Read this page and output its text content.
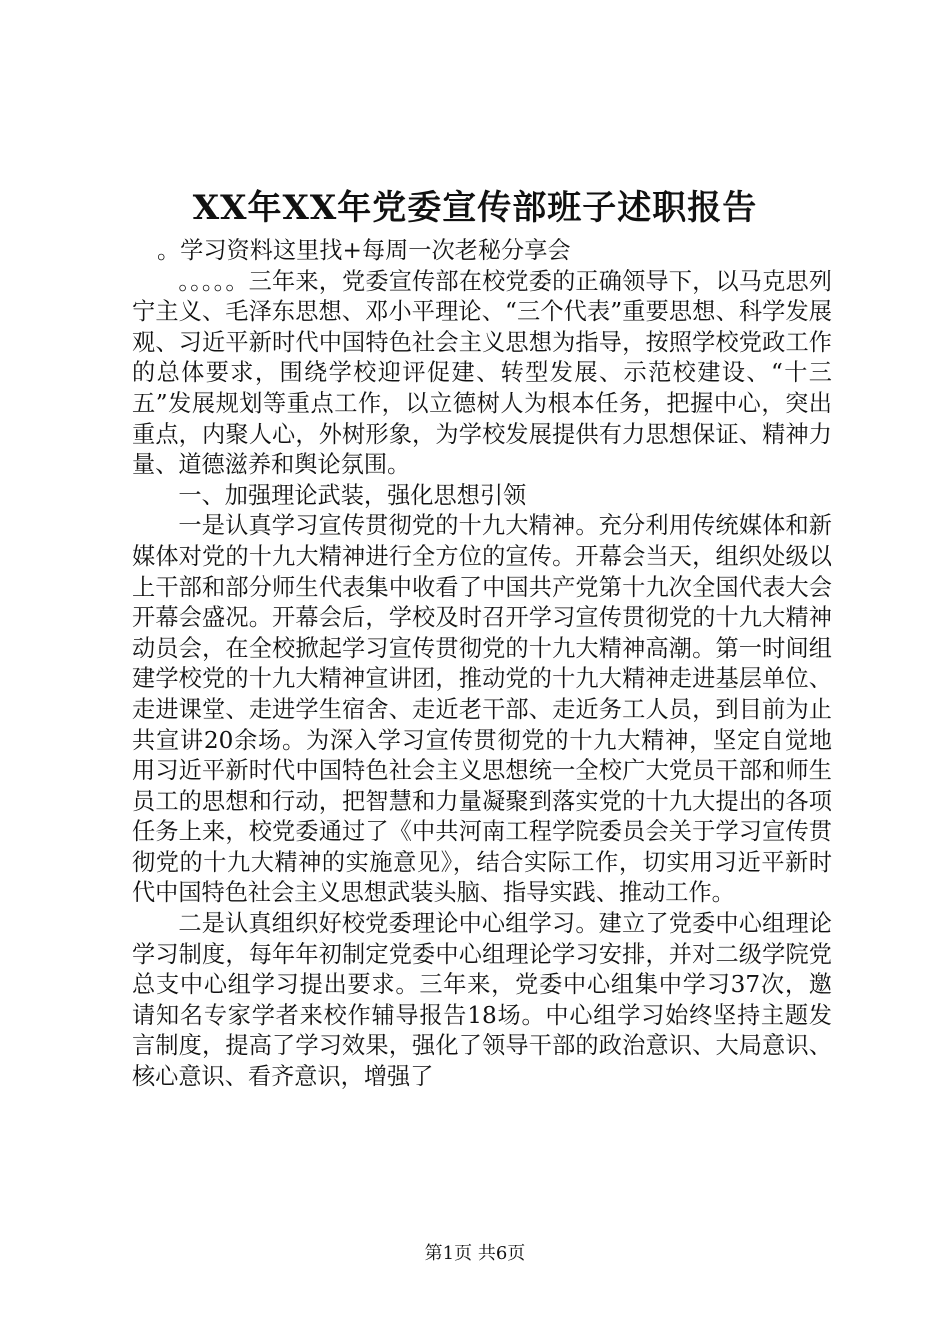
XX年XX年党委宣传部班子述职报告

。学习资料这里找+每周一次老秘分享会

。。。。。三年来，党委宣传部在校党委的正确领导下，以马克思列宁主义、毛泽东思想、邓小平理论、“三个代表”重要思想、科学发展观、习近平新时代中国特色社会主义思想为指导，按照学校党政工作的总体要求，围绕学校迎评促建、转型发展、示范校建设、“十三五”发展规划等重点工作，以立德树人为根本任务，把握中心，突出重点，内聚人心，外树形象，为学校发展提供有力思想保证、精神力量、道德滋养和舆论氛围。

一、加强理论武装，强化思想引领

一是认真学习宣传贯彻党的十九大精神。充分利用传统媒体和新媒体对党的十九大精神进行全方位的宣传。开幕会当天，组织处级以上干部和部分师生代表集中收看了中国共产党第十九次全国代表大会开幕会盛况。开幕会后，学校及时召开学习宣传贯彻党的十九大精神动员会，在全校掀起学习宣传贯彻党的十九大精神高潮。第一时间组建学校党的十九大精神宣讲团，推动党的十九大精神走进基层单位、走进课堂、走进学生宿舍、走近老干部、走近务工人员，到目前为止共宣讲20余场。为深入学习宣传贯彻党的十九大精神，坚定自觉地用习近平新时代中国特色社会主义思想统一全校广大党员干部和师生员工的思想和行动，把智慧和力量凝聚到落实党的十九大提出的各项任务上来，校党委通过了《中共河南工程学院委员会关于学习宣传贯彻党的十九大精神的实施意见》，结合实际工作，切实用习近平新时代中国特色社会主义思想武装头脑、指导实践、推动工作。

二是认真组织好校党委理论中心组学习。建立了党委中心组理论学习制度，每年年初制定党委中心组理论学习安排，并对二级学院党总支中心组学习提出要求。三年来，党委中心组集中学习37次，邀请知名专家学者来校作辅导报告18场。中心组学习始终坚持主题发言制度，提高了学习效果，强化了领导干部的政治意识、大局意识、核心意识、看齐意识，增强了

第1页 共6页
